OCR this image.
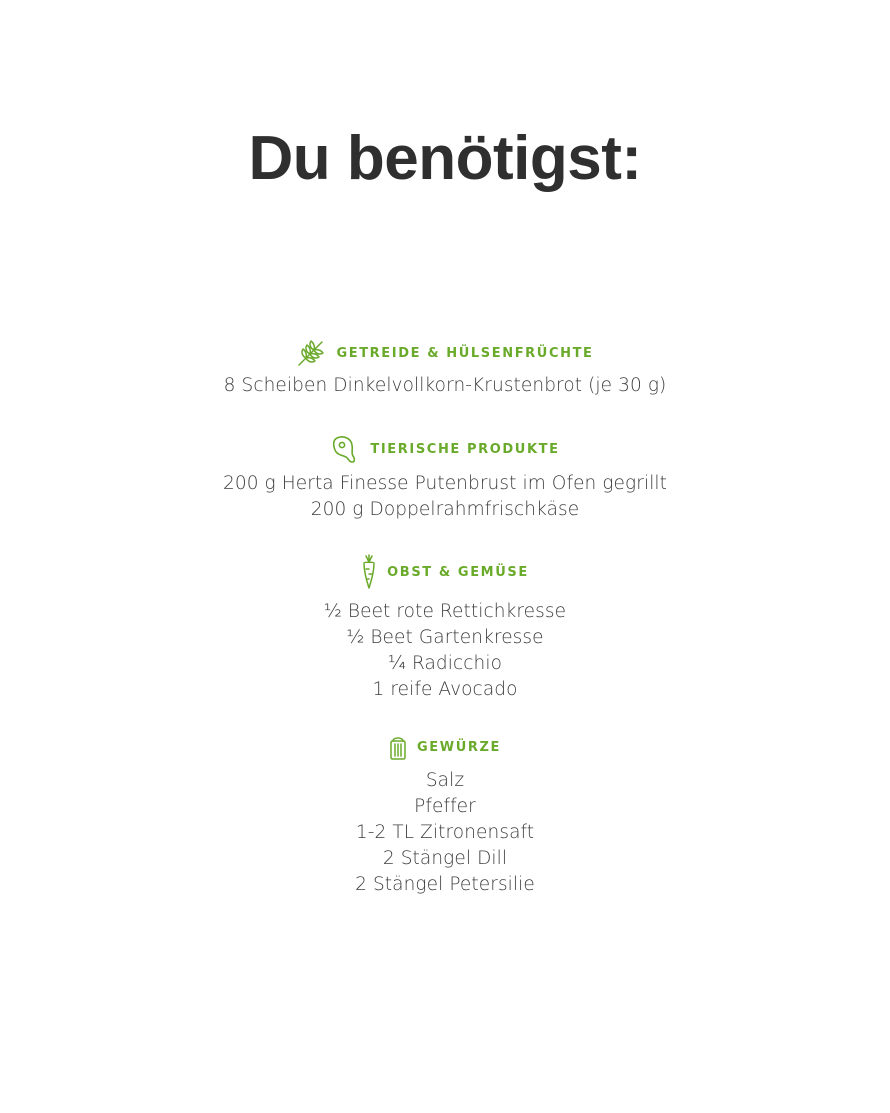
Du benötigst:
GETREIDE & HÜLSENFRÜCHTE
8 Scheiben Dinkelvollkorn-Krustenbrot (je 30 g)
TIERISCHE PRODUKTE
200 g Herta Finesse Putenbrust im Ofen gegrillt
200 g Doppelrahmfrischkäse
OBST & GEMÜSE
½ Beet rote Rettichkresse
½ Beet Gartenkresse
¼ Radicchio
1 reife Avocado
GEWÜRZE
Salz
Pfeffer
1-2 TL Zitronensaft
2 Stängel Dill
2 Stängel Petersilie
